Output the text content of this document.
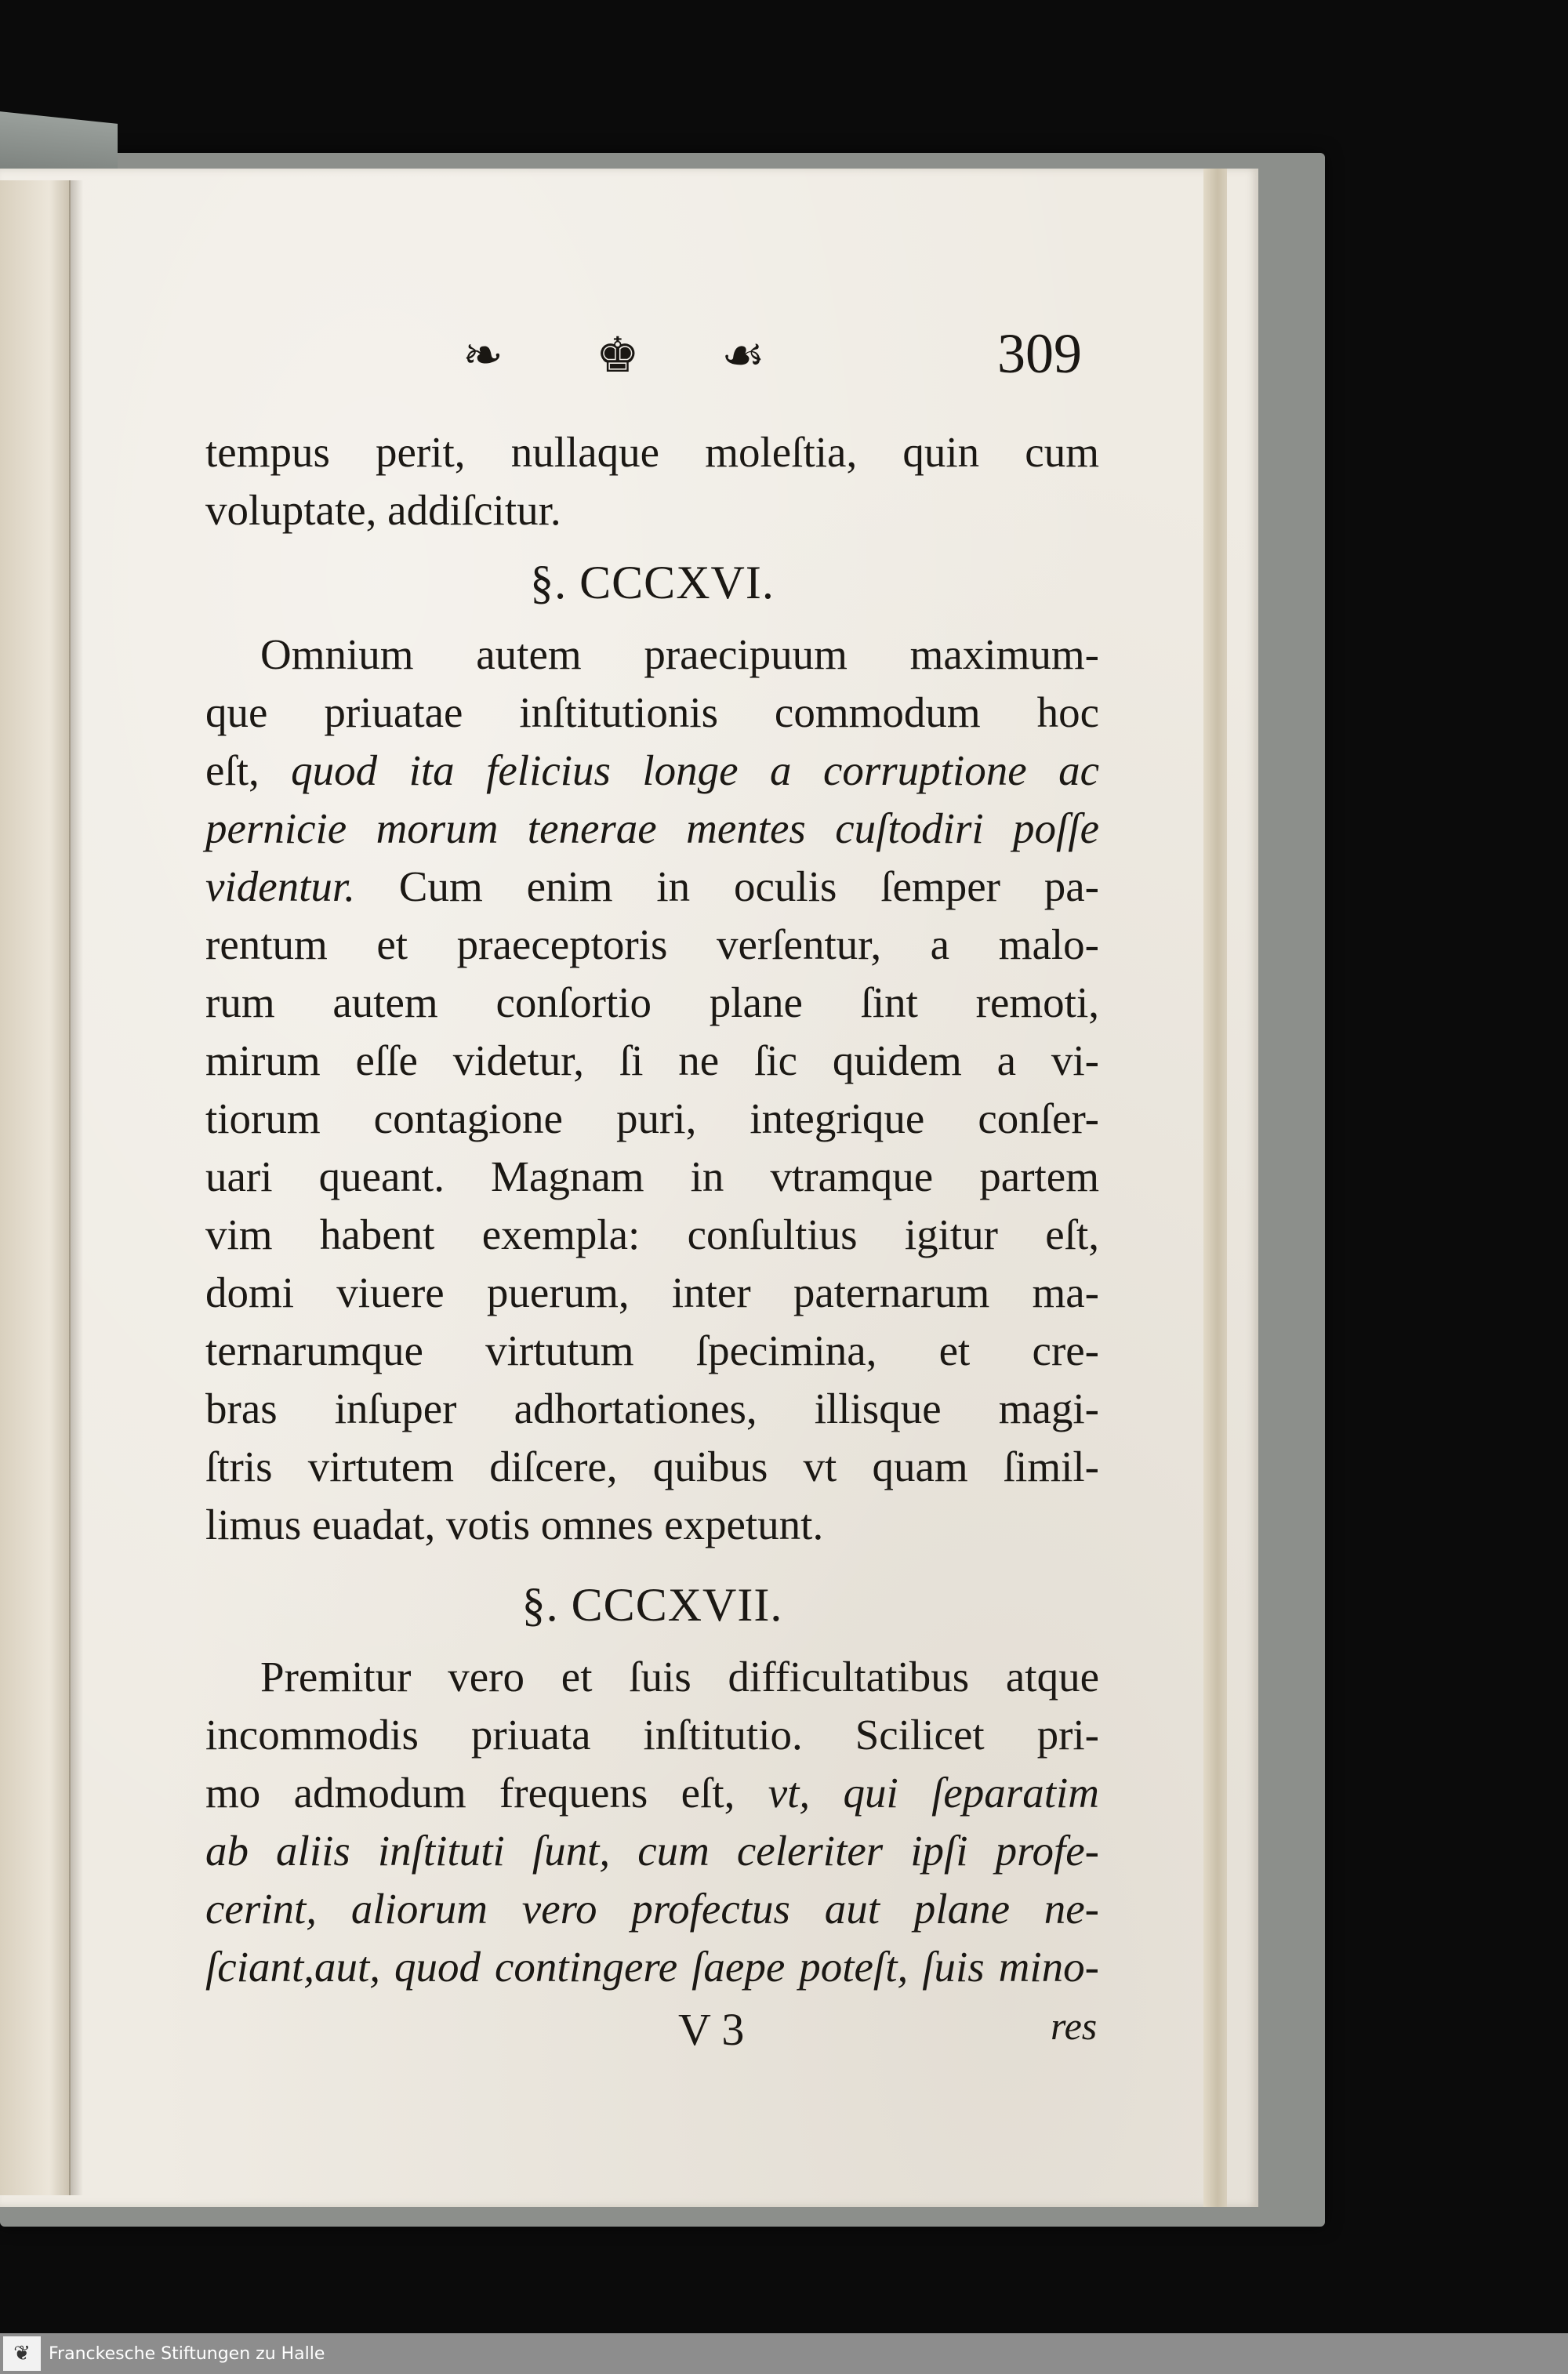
❧ ♚ ☙	309
tempus perit, nullaque moleſtia, quin cum
voluptate, addiſcitur.
§. CCCXVI.
Omnium autem praecipuum maximum-
que priuatae inſtitutionis commodum hoc
eſt, quod ita felicius longe a corruptione ac
pernicie morum tenerae mentes cuſtodiri poſſe
videntur. Cum enim in oculis ſemper pa-
rentum et praeceptoris verſentur, a malo-
rum autem conſortio plane ſint remoti,
mirum eſſe videtur, ſi ne ſic quidem a vi-
tiorum contagione puri, integrique conſer-
uari queant. Magnam in vtramque partem
vim habent exempla: conſultius igitur eſt,
domi viuere puerum, inter paternarum ma-
ternarumque virtutum ſpecimina, et cre-
bras inſuper adhortationes, illisque magi-
ſtris virtutem diſcere, quibus vt quam ſimil-
limus euadat, votis omnes expetunt.
§. CCCXVII.
Premitur vero et ſuis difficultatibus atque
incommodis priuata inſtitutio. Scilicet pri-
mo admodum frequens eſt, vt, qui ſeparatim
ab aliis inſtituti ſunt, cum celeriter ipſi profe-
cerint, aliorum vero profectus aut plane ne-
ſciant,aut, quod contingere ſaepe poteſt, ſuis mino-
V 3	res
❦	Franckesche Stiftungen zu Halle
